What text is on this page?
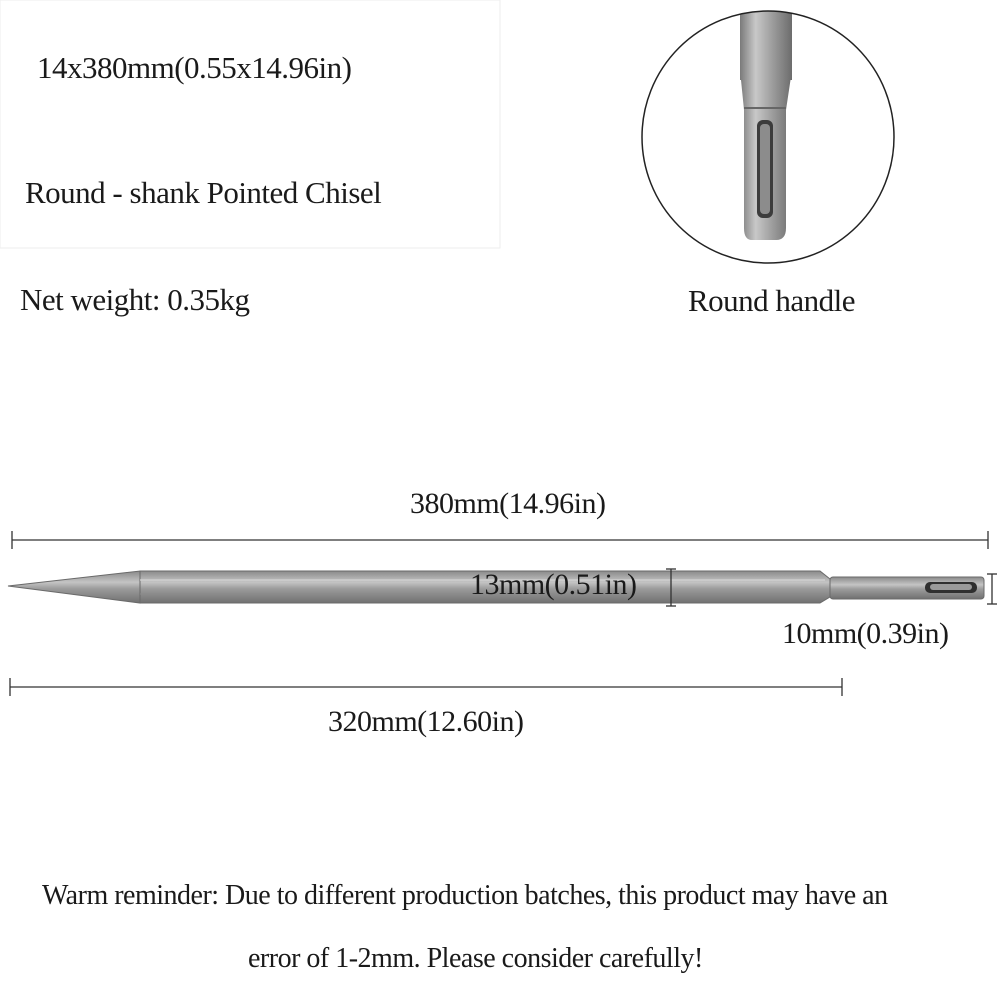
14x380mm(0.55x14.96in)
Round - shank Pointed Chisel
Net weight: 0.35kg	Round handle
380mm(14.96in)
13mm(0.51in)
10mm(0.39in)
320mm(12.60in)
Warm reminder: Due to different production batches, this product may have an
error of 1-2mm. Please consider carefully!
